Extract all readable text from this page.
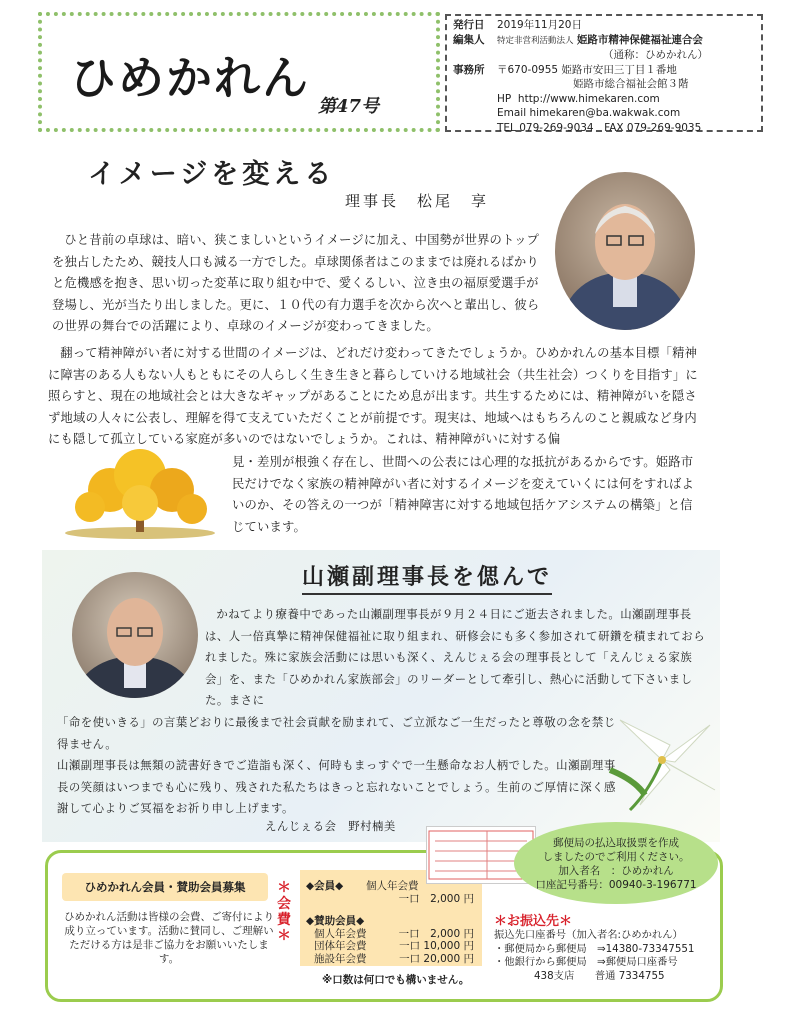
ひめかれん
第47号
発行日 2019年11月20日
編集人 特定非営利活動法人 姫路市精神保健福祉連合会
（通称：ひめかれん）
事務所 〒670-0955 姫路市安田三丁目１番地
姫路市総合福祉会館３階
HP http://www.himekaren.com
Email himekaren@ba.wakwak.com
TEL 079-269-9034　FAX 079-269-9035
イメージを変える
理事長　松尾　享

ひと昔前の卓球は、暗い、狭こましいというイメージに加え、中国勢が世界のトップを独占したため、競技人口も減る一方でした。卓球関係者はこのままでは廃れるばかりと危機感を抱き、思い切った変革に取り組む中で、愛くるしい、泣き虫の福原愛選手が登場し、光が当たり出しました。更に、１０代の有力選手を次から次へと輩出し、彼らの世界の舞台での活躍により、卓球のイメージが変わってきました。

翻って精神障がい者に対する世間のイメージは、どれだけ変わってきたでしょうか。ひめかれんの基本目標「精神に障害のある人もない人もともにその人らしく生き生きと暮らしていける地域社会（共生社会）つくりを目指す」に照らすと、現在の地域社会とは大きなギャップがあることにため息が出ます。共生するためには、精神障がいを隠さず地域の人々に公表し、理解を得て支えていただくことが前提です。現実は、地域へはもちろんのこと親戚など身内にも隠して孤立している家庭が多いのではないでしょうか。これは、精神障がいに対する偏

見・差別が根強く存在し、世間への公表には心理的な抵抗があるからです。姫路市民だけでなく家族の精神障がい者に対するイメージを変えていくには何をすればよいのか、その答えの一つが「精神障害に対する地域包括ケアシステムの構築」と信じています。

山瀬副理事長を偲んで

かねてより療養中であった山瀬副理事長が９月２４日にご逝去されました。山瀬副理事長は、人一倍真摯に精神保健福祉に取り組まれ、研修会にも多く参加されて研鑽を積まれておられました。殊に家族会活動には思いも深く、えんじぇる会の理事長として「えんじぇる家族会」を、また「ひめかれん家族部会」のリーダーとして牽引し、熱心に活動して下さいました。まさに

「命を使いきる」の言葉どおりに最後まで社会貢献を励まれて、ご立派なご一生だったと尊敬の念を禁じ得ません。

山瀬副理事長は無類の読書好きでご造詣も深く、何時もまっすぐで一生懸命なお人柄でした。山瀬副理事長の笑顔はいつまでも心に残り、残された私たちはきっと忘れないことでしょう。生前のご厚情に深く感謝して心よりご冥福をお祈り申し上げます。

えんじぇる会　野村楠美
ひめかれん会員・賛助会員募集
ひめかれん活動は皆様の会費、ご寄付により成り立っています。活動に賛同し、ご理解いただける方は是非ご協力をお願いいたします。
＊会費＊
◆会員◆	個人年会費
一口　2,000 円
◆賛助会員◆
個人年会費	一口　2,000 円
団体年会費	一口 10,000 円
施設年会費	一口 20,000 円
※口数は何口でも構いません。
郵便局の払込取扱票を作成
しましたのでご利用ください。
加入者名　：ひめかれん
口座記号番号：00940-3-196771
＊お振込先＊
振込先口座番号（加入者名:ひめかれん）
・郵便局から郵便局　⇒14380-73347551
・他銀行から郵便局　⇒郵便局口座番号
438支店　　普通 7334755
